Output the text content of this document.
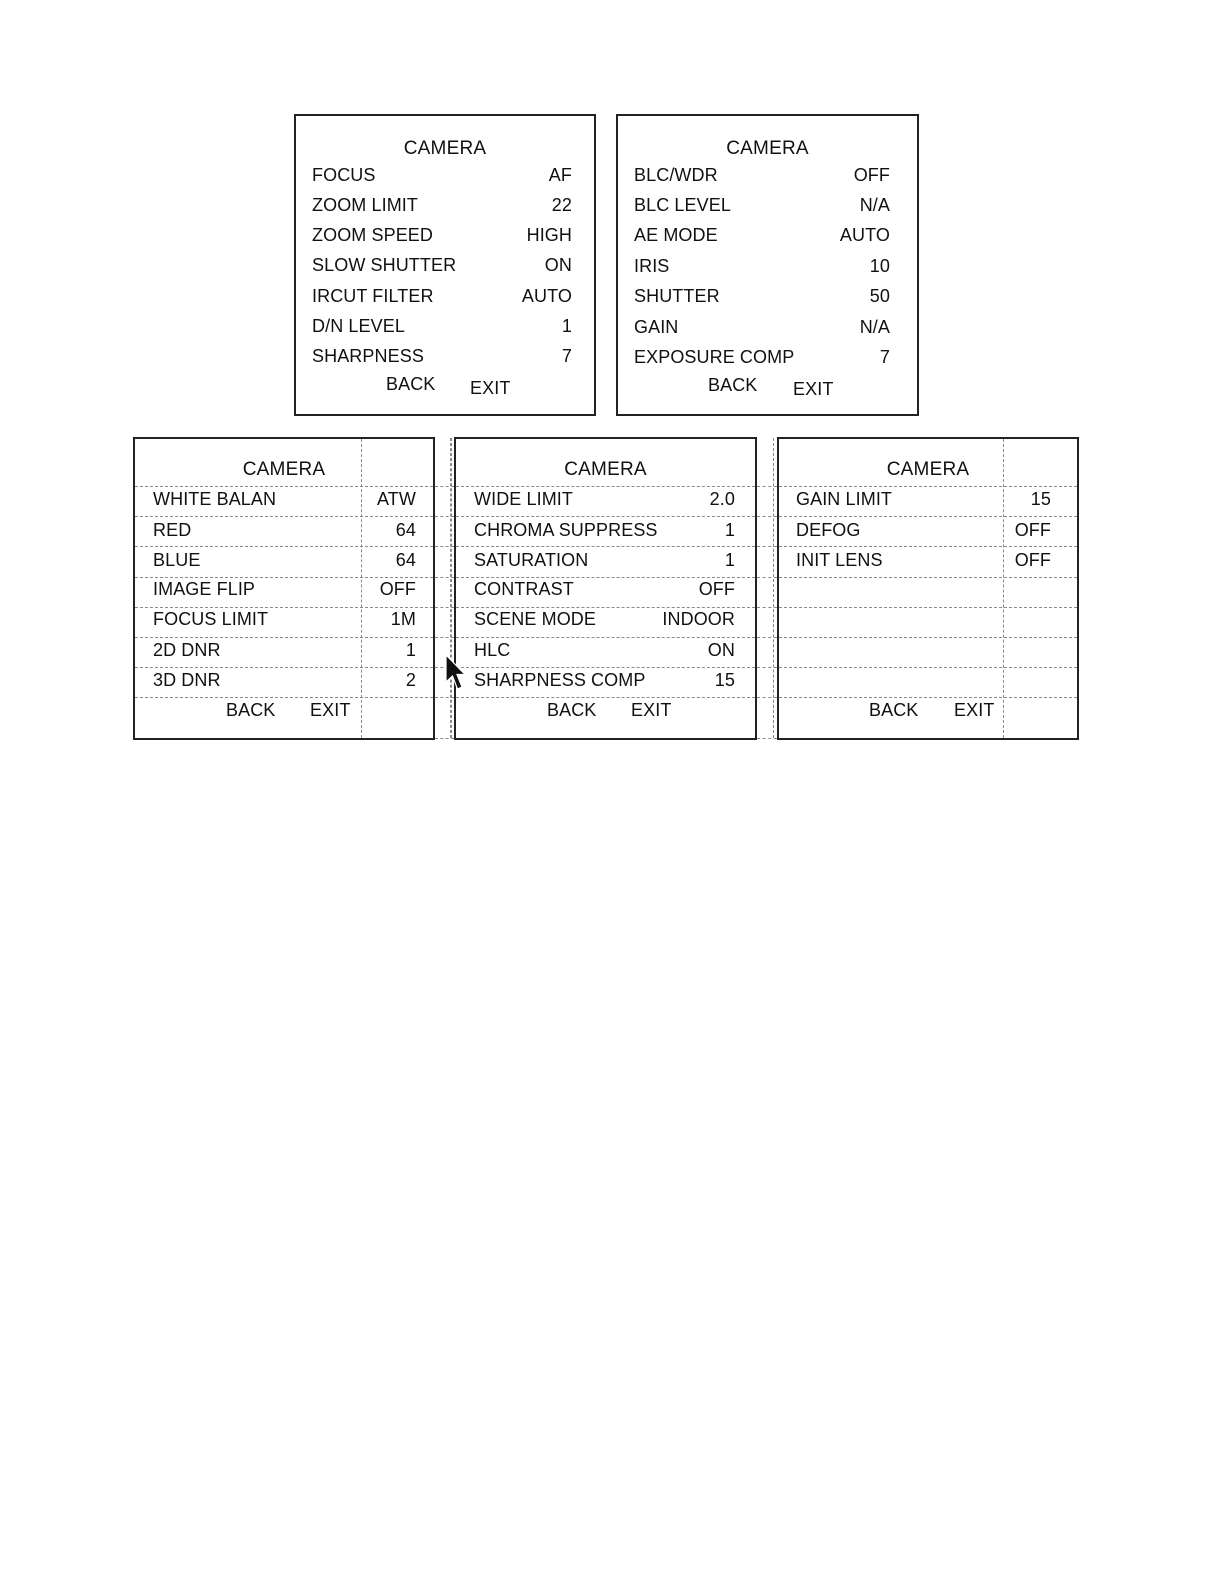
CAMERA
FOCUS	AF
ZOOM LIMIT	22
ZOOM SPEED	HIGH
SLOW SHUTTER	ON
IRCUT FILTER	AUTO
D/N LEVEL	1
SHARPNESS	7
BACK EXIT
CAMERA
BLC/WDR	OFF
BLC LEVEL	N/A
AE MODE	AUTO
IRIS	10
SHUTTER	50
GAIN	N/A
EXPOSURE COMP	7
BACK EXIT
CAMERA
WHITE BALAN	ATW
RED	64
BLUE	64
IMAGE FLIP	OFF
FOCUS LIMIT	1M
2D DNR	1
3D DNR	2
BACK EXIT
CAMERA
WIDE LIMIT	2.0
CHROMA SUPPRESS	1
SATURATION	1
CONTRAST	OFF
SCENE MODE	INDOOR
HLC	ON
SHARPNESS COMP	15
BACK EXIT
CAMERA
GAIN LIMIT	15
DEFOG	OFF
INIT LENS	OFF
BACK EXIT
